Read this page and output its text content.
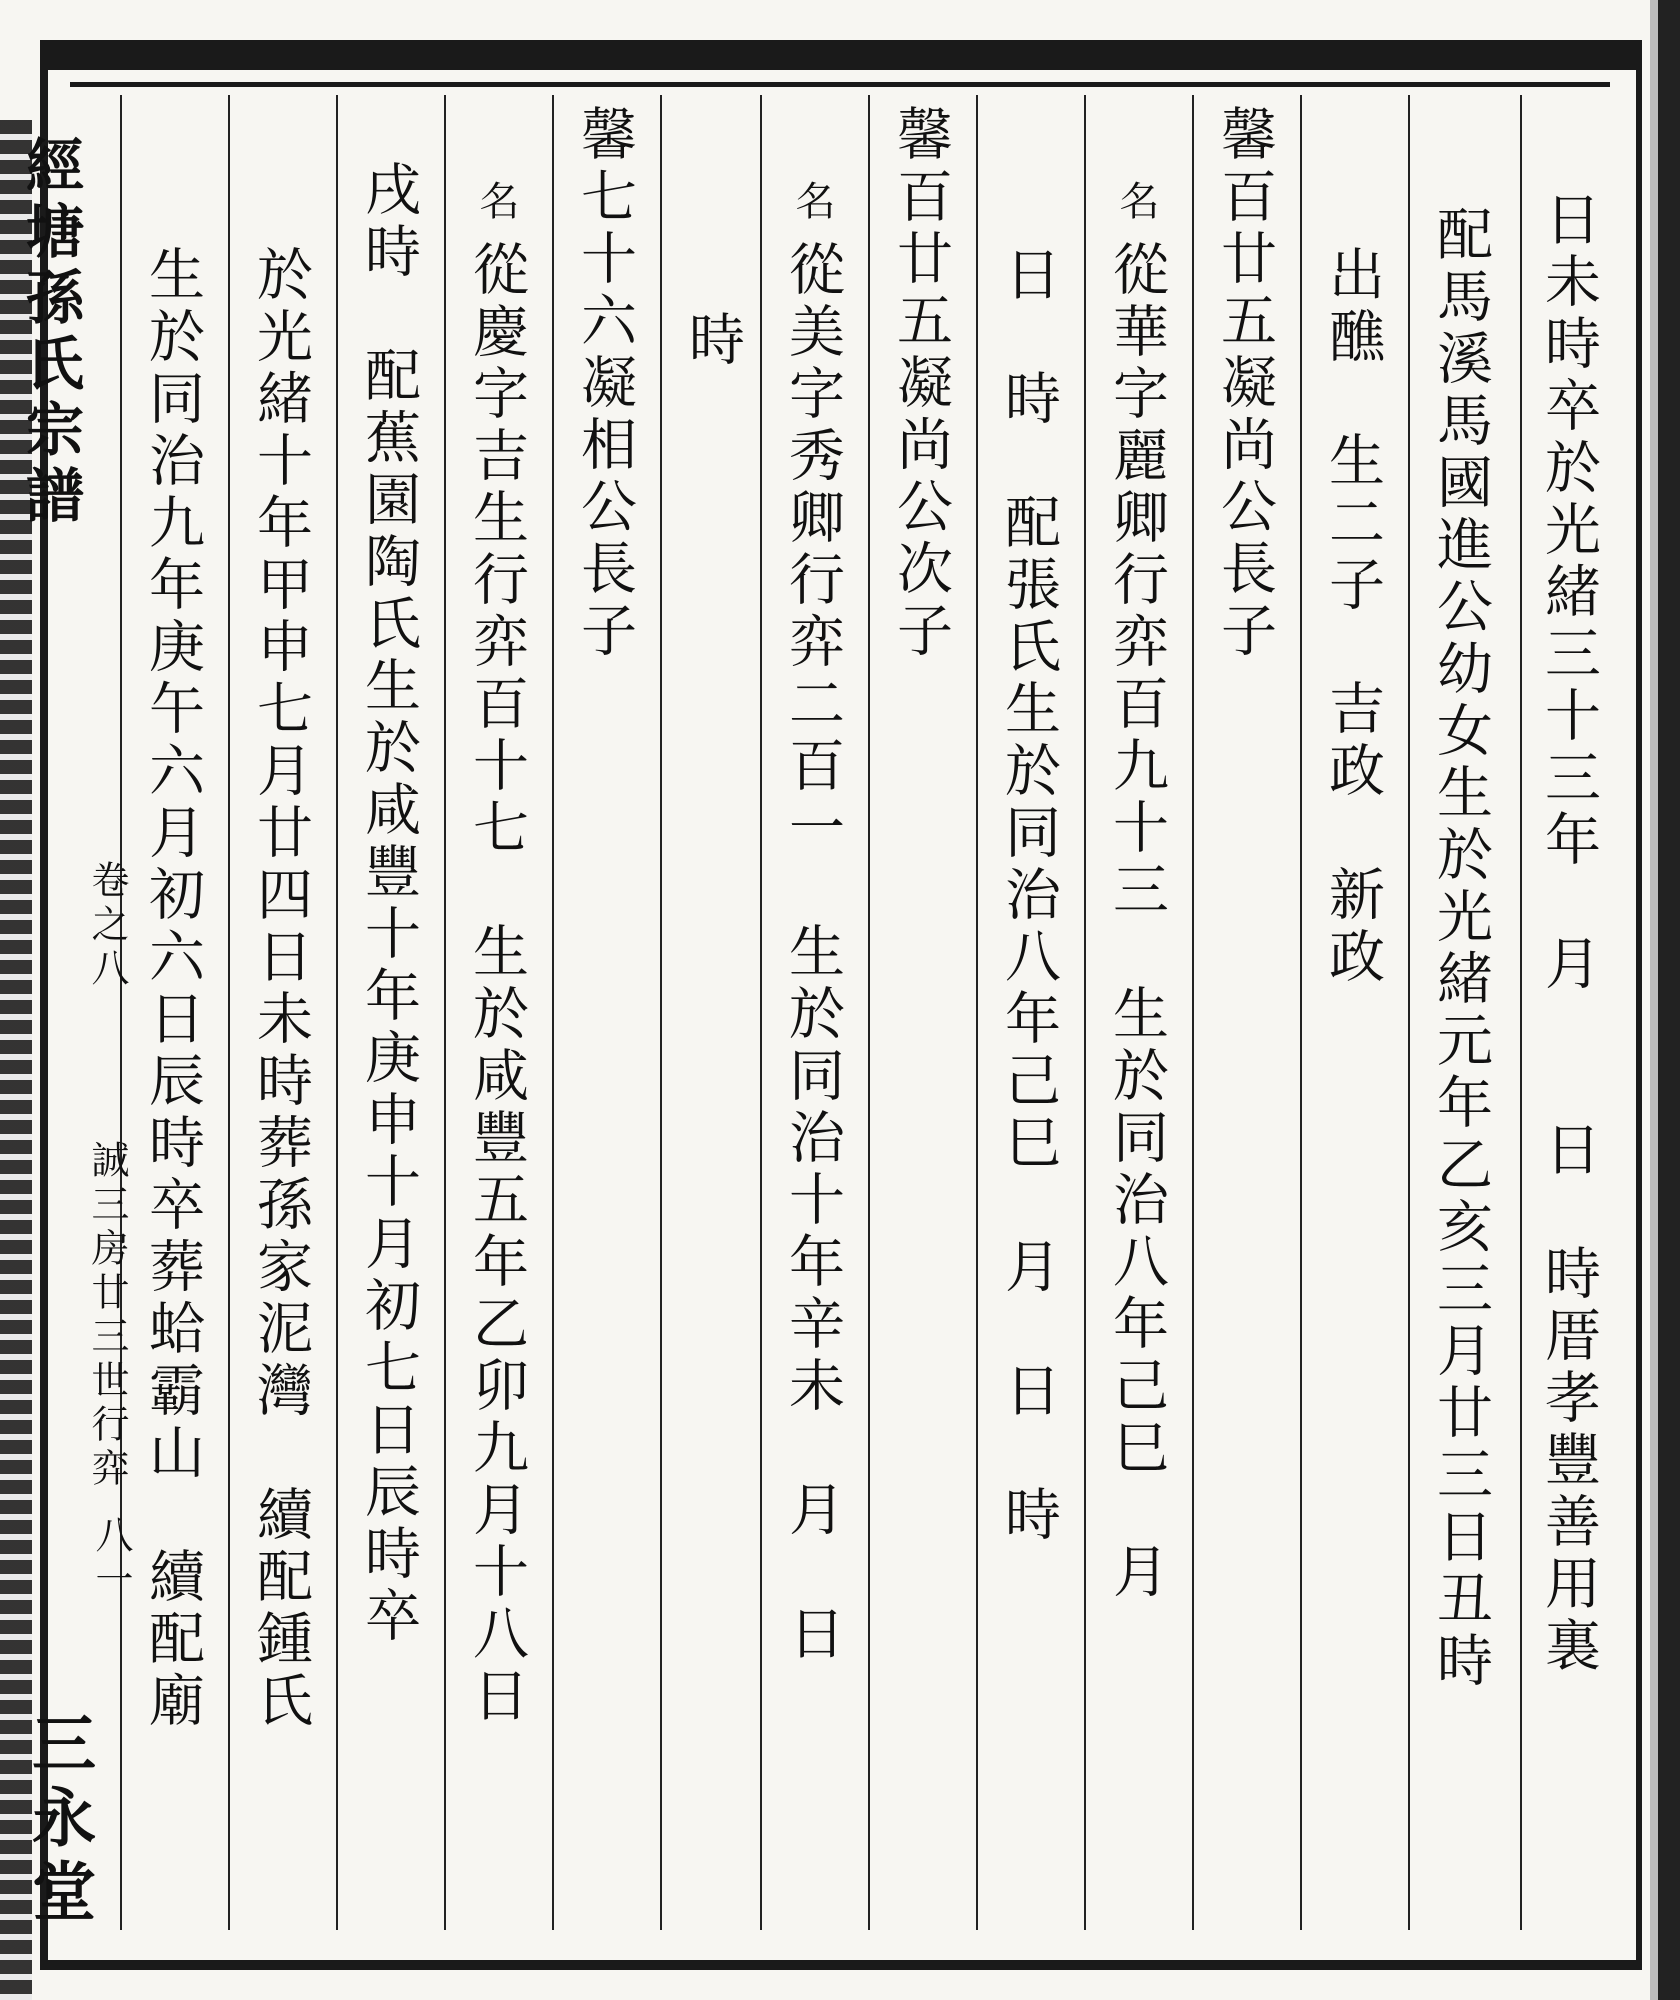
日未時卒於光緒三十三年　月　　日　時厝孝豐善用裏
配馬溪馬國進公幼女生於光緒元年乙亥三月廿三日丑時
出醮　生二子　吉政　新政
馨百廿五凝尚公長子
名
從華字麗卿行弈百九十三　生於同治八年己巳　月
日　時　配張氏生於同治八年己巳　月　日　時
馨百廿五凝尚公次子
名
從美字秀卿行弈二百一　生於同治十年辛未　月　日
時
馨七十六凝相公長子
名
從慶字吉生行弈百十七　生於咸豐五年乙卯九月十八日
戌時　配蕉園陶氏生於咸豐十年庚申十月初七日辰時卒
於光緒十年甲申七月廿四日未時葬孫家泥灣　續配鍾氏
生於同治九年庚午六月初六日辰時卒葬蛤霸山　續配廟
經塘孫氏宗譜
卷之八
誠三房廿三世行弈
八一
三永堂
